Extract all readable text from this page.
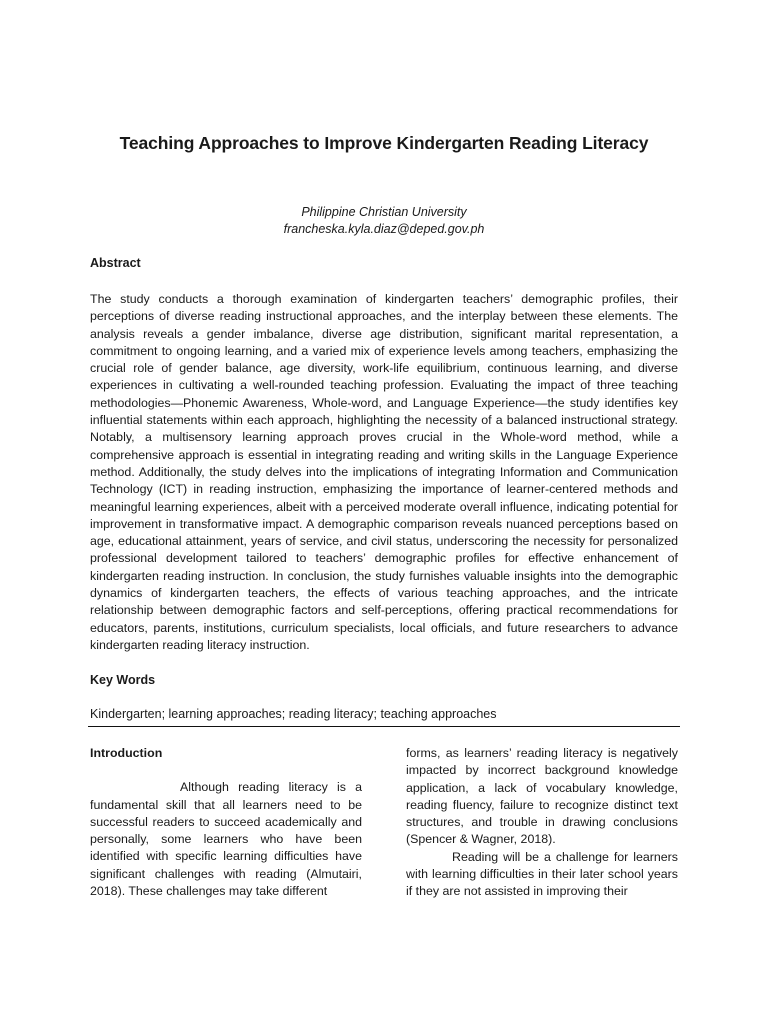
Teaching Approaches to Improve Kindergarten Reading Literacy
Philippine Christian University
francheska.kyla.diaz@deped.gov.ph
Abstract

The study conducts a thorough examination of kindergarten teachers’ demographic profiles, their perceptions of diverse reading instructional approaches, and the interplay between these elements. The analysis reveals a gender imbalance, diverse age distribution, significant marital representation, a commitment to ongoing learning, and a varied mix of experience levels among teachers, emphasizing the crucial role of gender balance, age diversity, work-life equilibrium, continuous learning, and diverse experiences in cultivating a well-rounded teaching profession. Evaluating the impact of three teaching methodologies—Phonemic Awareness, Whole-word, and Language Experience—the study identifies key influential statements within each approach, highlighting the necessity of a balanced instructional strategy. Notably, a multisensory learning approach proves crucial in the Whole-word method, while a comprehensive approach is essential in integrating reading and writing skills in the Language Experience method. Additionally, the study delves into the implications of integrating Information and Communication Technology (ICT) in reading instruction, emphasizing the importance of learner-centered methods and meaningful learning experiences, albeit with a perceived moderate overall influence, indicating potential for improvement in transformative impact. A demographic comparison reveals nuanced perceptions based on age, educational attainment, years of service, and civil status, underscoring the necessity for personalized professional development tailored to teachers’ demographic profiles for effective enhancement of kindergarten reading instruction. In conclusion, the study furnishes valuable insights into the demographic dynamics of kindergarten teachers, the effects of various teaching approaches, and the intricate relationship between demographic factors and self-perceptions, offering practical recommendations for educators, parents, institutions, curriculum specialists, local officials, and future researchers to advance kindergarten reading literacy instruction.

Key Words
Kindergarten; learning approaches; reading literacy; teaching approaches
Introduction

Although reading literacy is a fundamental skill that all learners need to be successful readers to succeed academically and personally, some learners who have been identified with specific learning difficulties have significant challenges with reading (Almutairi, 2018). These challenges may take different

forms, as learners’ reading literacy is negatively impacted by incorrect background knowledge application, a lack of vocabulary knowledge, reading fluency, failure to recognize distinct text structures, and trouble in drawing conclusions (Spencer & Wagner, 2018).

Reading will be a challenge for learners with learning difficulties in their later school years if they are not assisted in improving their
